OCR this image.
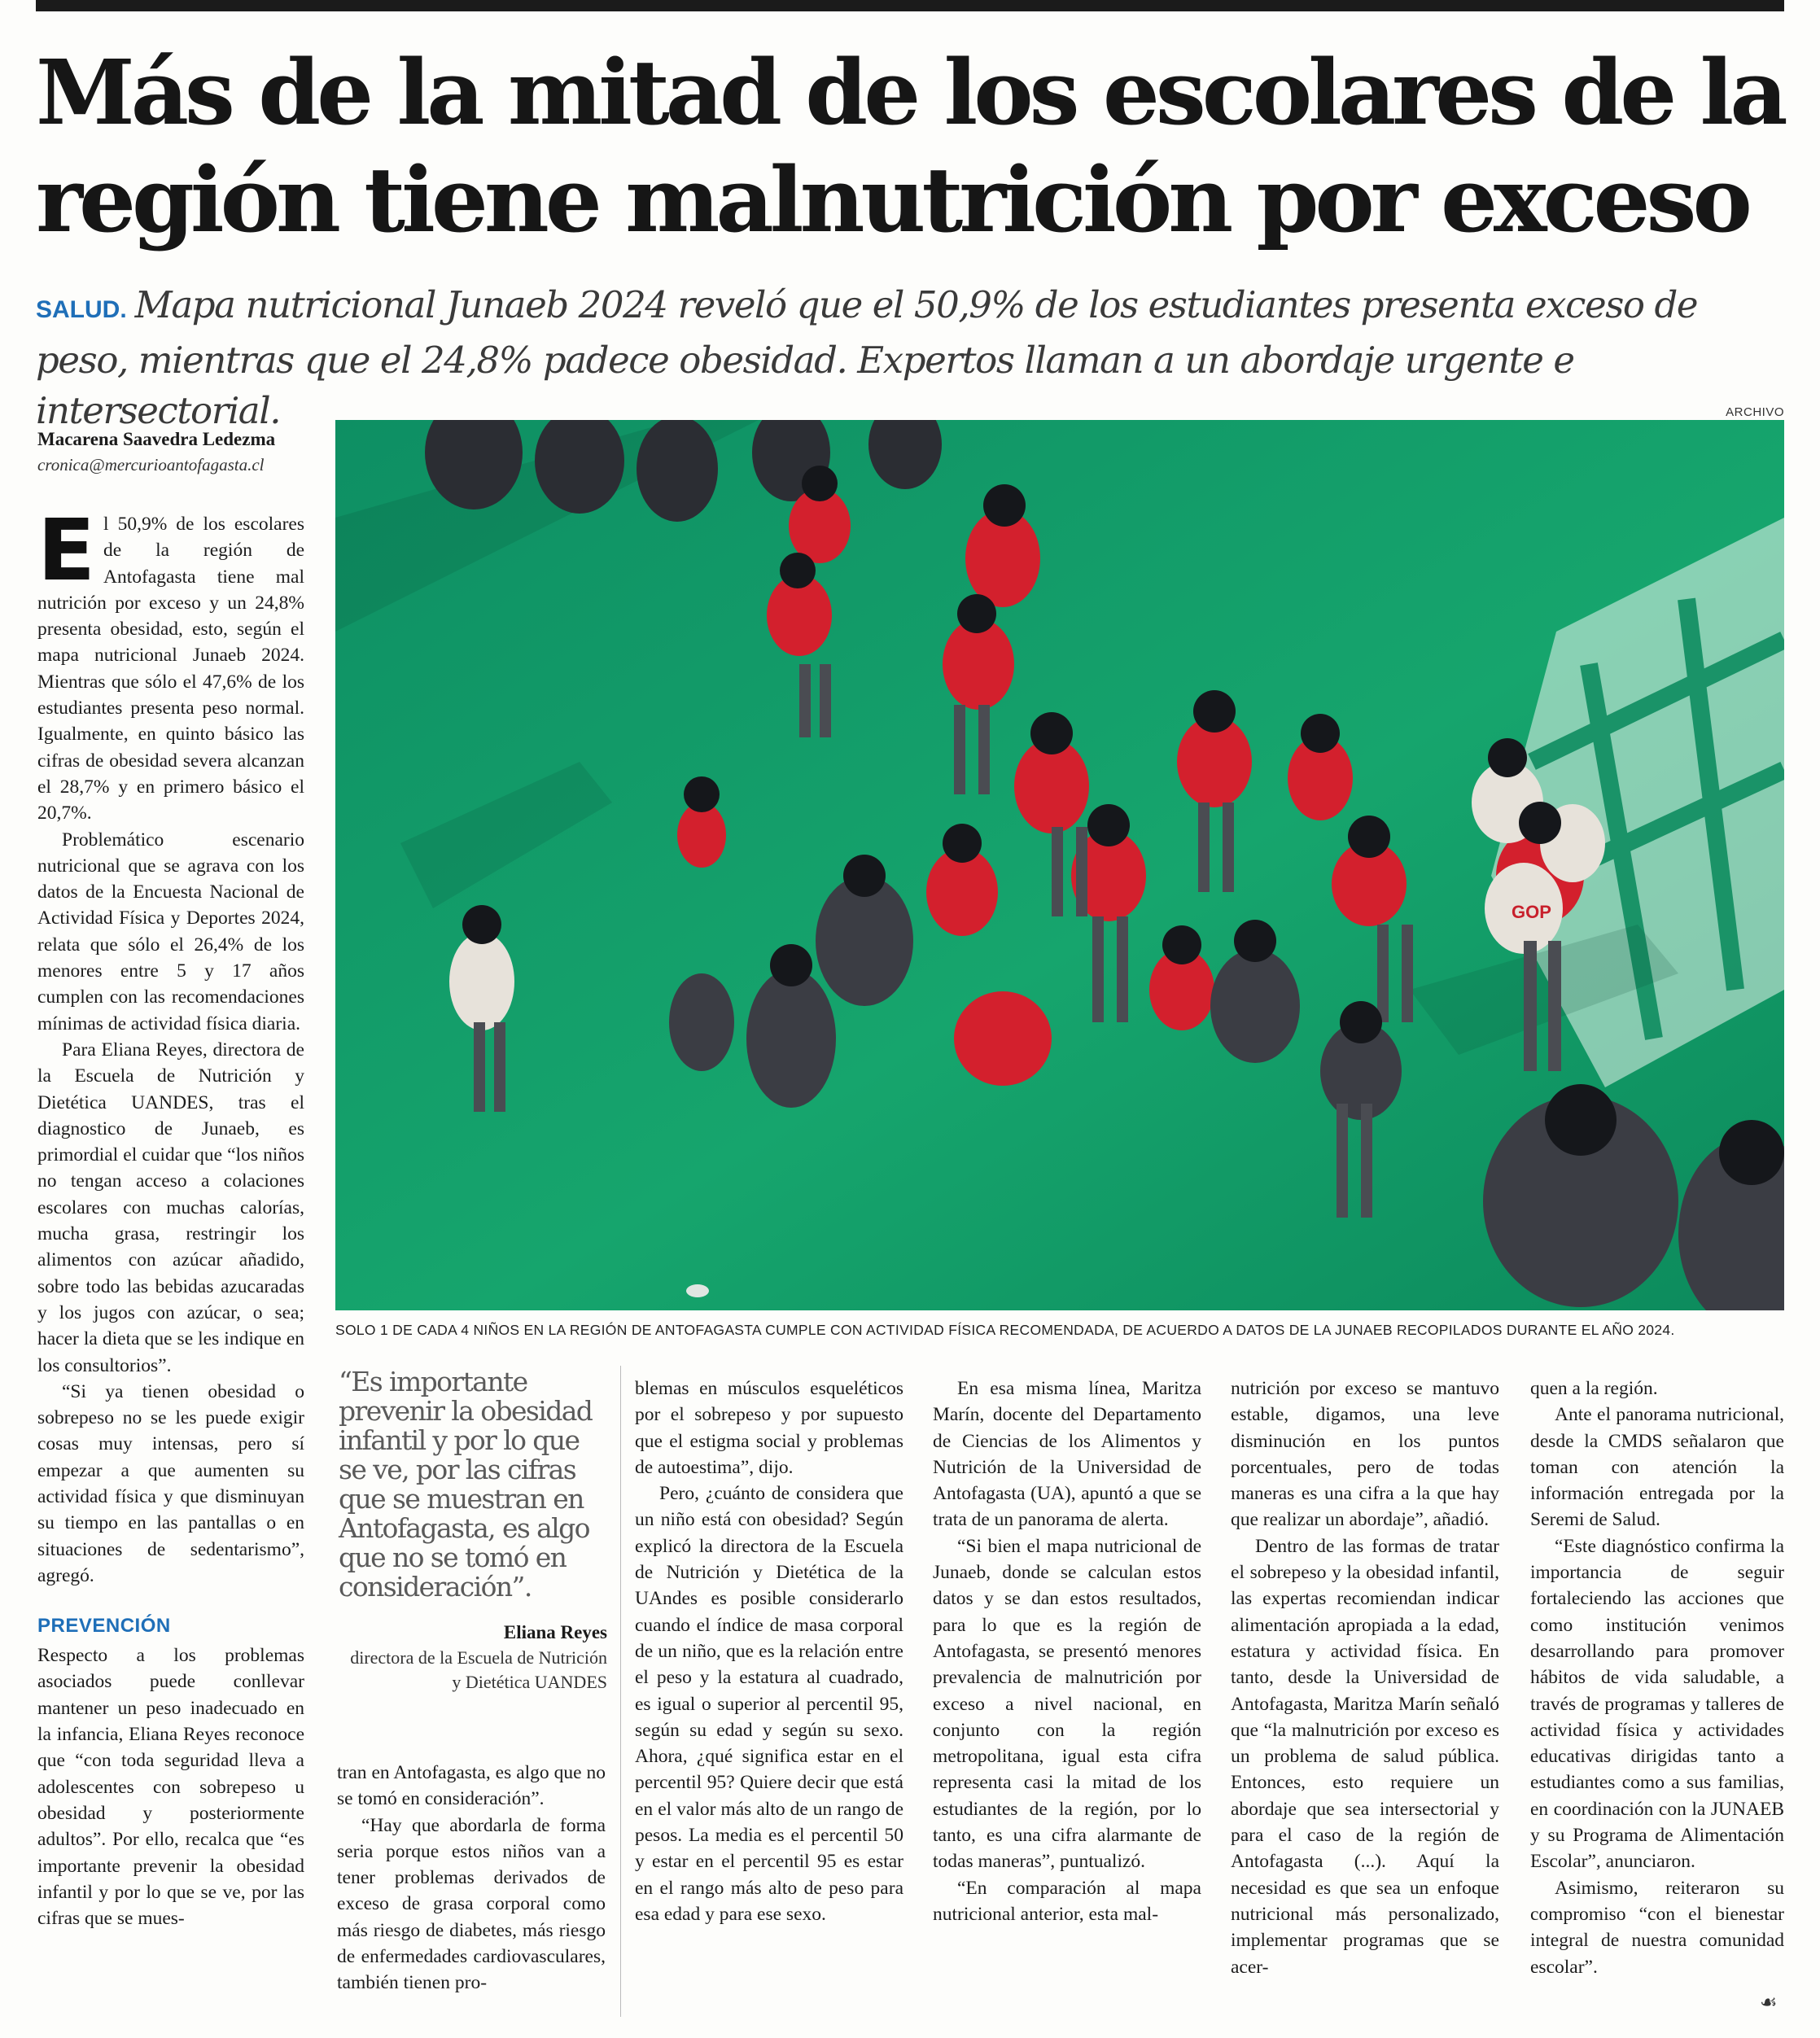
Más de la mitad de los escolares de la región tiene malnutrición por exceso

SALUD. Mapa nutricional Junaeb 2024 reveló que el 50,9% de los estudiantes presenta exceso de peso, mientras que el 24,8% padece obesidad. Expertos llaman a un abordaje urgente e intersectorial.

Macarena Saavedra Ledezma
cronica@mercurioantofagasta.cl
ARCHIVO
GOP
SOLO 1 DE CADA 4 NIÑOS EN LA REGIÓN DE ANTOFAGASTA CUMPLE CON ACTIVIDAD FÍSICA RECOMENDADA, DE ACUERDO A DATOS DE LA JUNAEB RECOPILADOS DURANTE EL AÑO 2024.

El 50,9% de los escolares de la región de Antofagasta tiene mal nutrición por exceso y un 24,8% presenta obesidad, esto, según el mapa nutricional Junaeb 2024. Mientras que sólo el 47,6% de los estudiantes presenta peso normal. Igualmente, en quinto básico las cifras de obesidad severa alcanzan el 28,7% y en primero básico el 20,7%.

Problemático escenario nutricional que se agrava con los datos de la Encuesta Nacional de Actividad Física y Deportes 2024, relata que sólo el 26,4% de los menores entre 5 y 17 años cumplen con las recomendaciones mínimas de actividad física diaria.

Para Eliana Reyes, directora de la Escuela de Nutrición y Dietética UANDES, tras el diagnostico de Junaeb, es primordial el cuidar que “los niños no tengan acceso a colaciones escolares con muchas calorías, mucha grasa, restringir los alimentos con azúcar añadido, sobre todo las bebidas azucaradas y los jugos con azúcar, o sea; hacer la dieta que se les indique en los consultorios”.

“Si ya tienen obesidad o sobrepeso no se les puede exigir cosas muy intensas, pero sí empezar a que aumenten su actividad física y que disminuyan su tiempo en las pantallas o en situaciones de sedentarismo”, agregó.

PREVENCIÓN

Respecto a los problemas asociados puede conllevar mantener un peso inadecuado en la infancia, Eliana Reyes reconoce que “con toda seguridad lleva a adolescentes con sobrepeso u obesidad y posteriormente adultos”. Por ello, recalca que “es importante prevenir la obesidad infantil y por lo que se ve, por las cifras que se mues-

“Es importante prevenir la obesidad infantil y por lo que se ve, por las cifras que se muestran en Antofagasta, es algo que no se tomó en consideración”.

Eliana Reyes
directora de la Escuela de Nutrición y Dietética UANDES

tran en Antofagasta, es algo que no se tomó en consideración”.

“Hay que abordarla de forma seria porque estos niños van a tener problemas derivados de exceso de grasa corporal como más riesgo de diabetes, más riesgo de enfermedades cardiovasculares, también tienen pro-

blemas en músculos esqueléticos por el sobrepeso y por supuesto que el estigma social y problemas de autoestima”, dijo.

Pero, ¿cuánto de considera que un niño está con obesidad? Según explicó la directora de la Escuela de Nutrición y Dietética de la UAndes es posible considerarlo cuando el índice de masa corporal de un niño, que es la relación entre el peso y la estatura al cuadrado, es igual o superior al percentil 95, según su edad y según su sexo. Ahora, ¿qué significa estar en el percentil 95? Quiere decir que está en el valor más alto de un rango de pesos. La media es el percentil 50 y estar en el percentil 95 es estar en el rango más alto de peso para esa edad y para ese sexo.

En esa misma línea, Maritza Marín, docente del Departamento de Ciencias de los Alimentos y Nutrición de la Universidad de Antofagasta (UA), apuntó a que se trata de un panorama de alerta.

“Si bien el mapa nutricional de Junaeb, donde se calculan estos datos y se dan estos resultados, para lo que es la región de Antofagasta, se presentó menores prevalencia de malnutrición por exceso a nivel nacional, en conjunto con la región metropolitana, igual esta cifra representa casi la mitad de los estudiantes de la región, por lo tanto, es una cifra alarmante de todas maneras”, puntualizó.

“En comparación al mapa nutricional anterior, esta mal-

nutrición por exceso se mantuvo estable, digamos, una leve disminución en los puntos porcentuales, pero de todas maneras es una cifra a la que hay que realizar un abordaje”, añadió.

Dentro de las formas de tratar el sobrepeso y la obesidad infantil, las expertas recomiendan indicar alimentación apropiada a la edad, estatura y actividad física. En tanto, desde la Universidad de Antofagasta, Maritza Marín señaló que “la malnutrición por exceso es un problema de salud pública. Entonces, esto requiere un abordaje que sea intersectorial y para el caso de la región de Antofagasta (...). Aquí la necesidad es que sea un enfoque nutricional más personalizado, implementar programas que se acer-

quen a la región.

Ante el panorama nutricional, desde la CMDS señalaron que toman con atención la información entregada por la Seremi de Salud.

“Este diagnóstico confirma la importancia de seguir fortaleciendo las acciones que como institución venimos desarrollando para promover hábitos de vida saludable, a través de programas y talleres de actividad física y actividades educativas dirigidas tanto a estudiantes como a sus familias, en coordinación con la JUNAEB y su Programa de Alimentación Escolar”, anunciaron.

Asimismo, reiteraron su compromiso “con el bienestar integral de nuestra comunidad escolar”.

☙
